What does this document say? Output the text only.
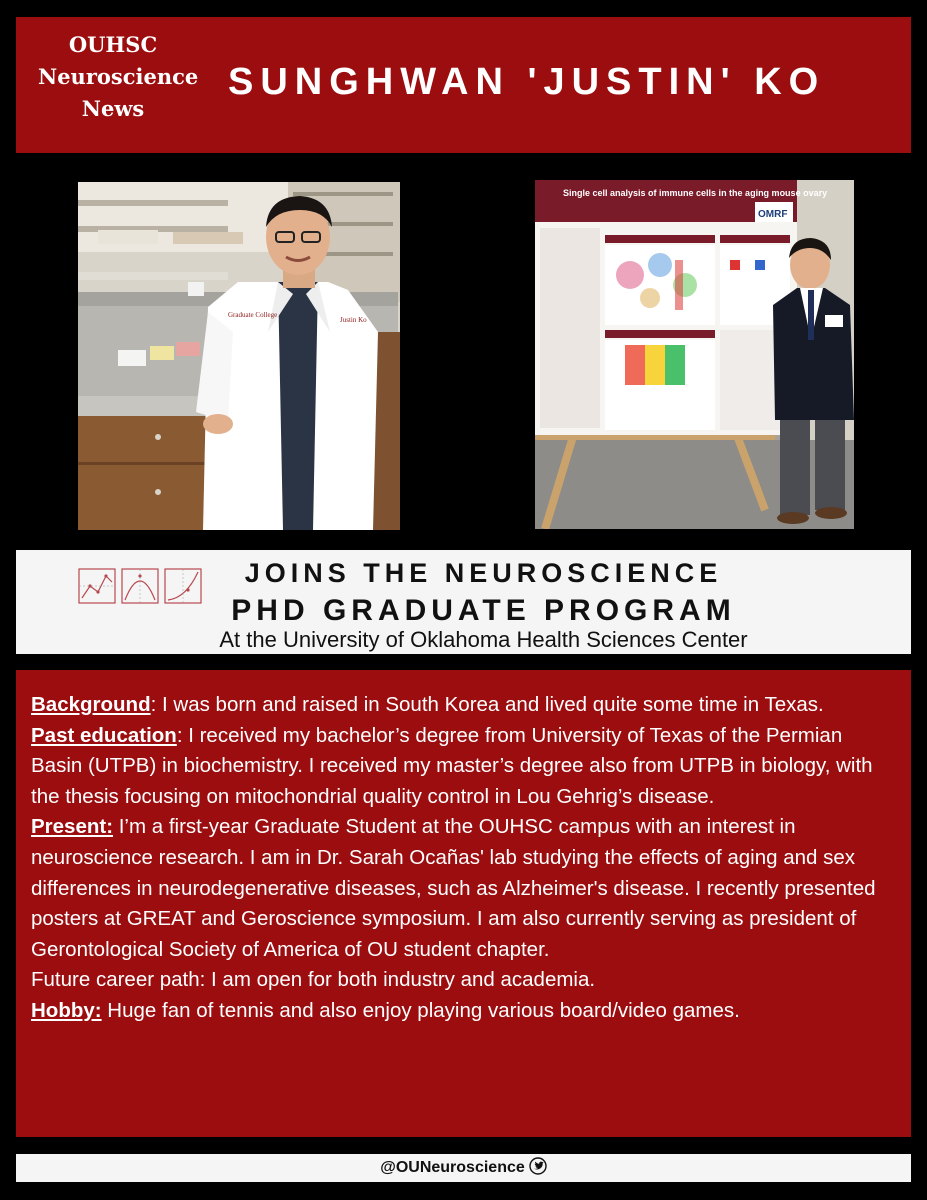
OUHSC
Neuroscience
News
SUNGHWAN 'JUSTIN' KO
Graduate College
Justin Ko
Single cell analysis of immune cells in the aging mouse ovary
OMRF
JOINS THE NEUROSCIENCE
PHD GRADUATE PROGRAM
At the University of Oklahoma Health Sciences Center

Background: I was born and raised in South Korea and lived quite some time in Texas.

Past education: I received my bachelor’s degree from University of Texas of the Permian Basin (UTPB) in biochemistry. I received my master’s degree also from UTPB in biology, with the thesis focusing on mitochondrial quality control in Lou Gehrig’s disease.

Present: I’m a first-year Graduate Student at the OUHSC campus with an interest in neuroscience research. I am in Dr. Sarah Ocañas' lab studying the effects of aging and sex differences in neurodegenerative diseases, such as Alzheimer's disease. I recently presented posters at GREAT and Geroscience symposium. I am also currently serving as president of Gerontological Society of America of OU student chapter.

Future career path: I am open for both industry and academia.

Hobby: Huge fan of tennis and also enjoy playing various board/video games.

@OUNeuroscience
